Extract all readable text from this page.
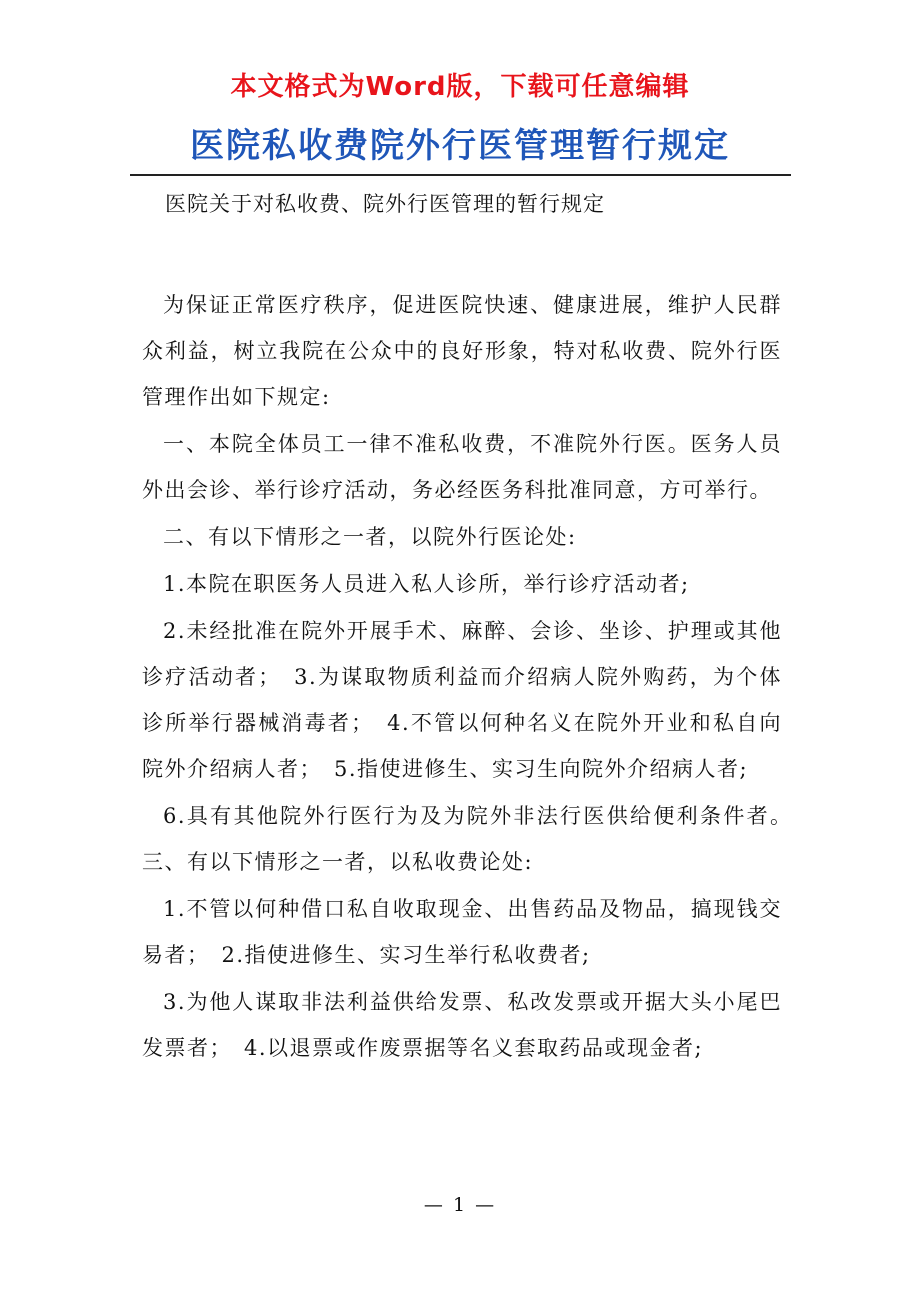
本文格式为Word版，下载可任意编辑
医院私收费院外行医管理暂行规定
医院关于对私收费、院外行医管理的暂行规定

为保证正常医疗秩序，促进医院快速、健康进展，维护人民群众利益，树立我院在公众中的良好形象，特对私收费、院外行医管理作出如下规定:

一、本院全体员工一律不准私收费，不准院外行医。医务人员外出会诊、举行诊疗活动，务必经医务科批准同意，方可举行。

二、有以下情形之一者，以院外行医论处:

1.本院在职医务人员进入私人诊所，举行诊疗活动者;

2.未经批准在院外开展手术、麻醉、会诊、坐诊、护理或其他诊疗活动者；　3.为谋取物质利益而介绍病人院外购药，为个体诊所举行器械消毒者；　4.不管以何种名义在院外开业和私自向院外介绍病人者；　5.指使进修生、实习生向院外介绍病人者;

6.具有其他院外行医行为及为院外非法行医供给便利条件者。　三、有以下情形之一者，以私收费论处:

1.不管以何种借口私自收取现金、出售药品及物品，搞现钱交易者；　2.指使进修生、实习生举行私收费者;

3.为他人谋取非法利益供给发票、私改发票或开据大头小尾巴发票者；　4.以退票或作废票据等名义套取药品或现金者;

— 1 —
